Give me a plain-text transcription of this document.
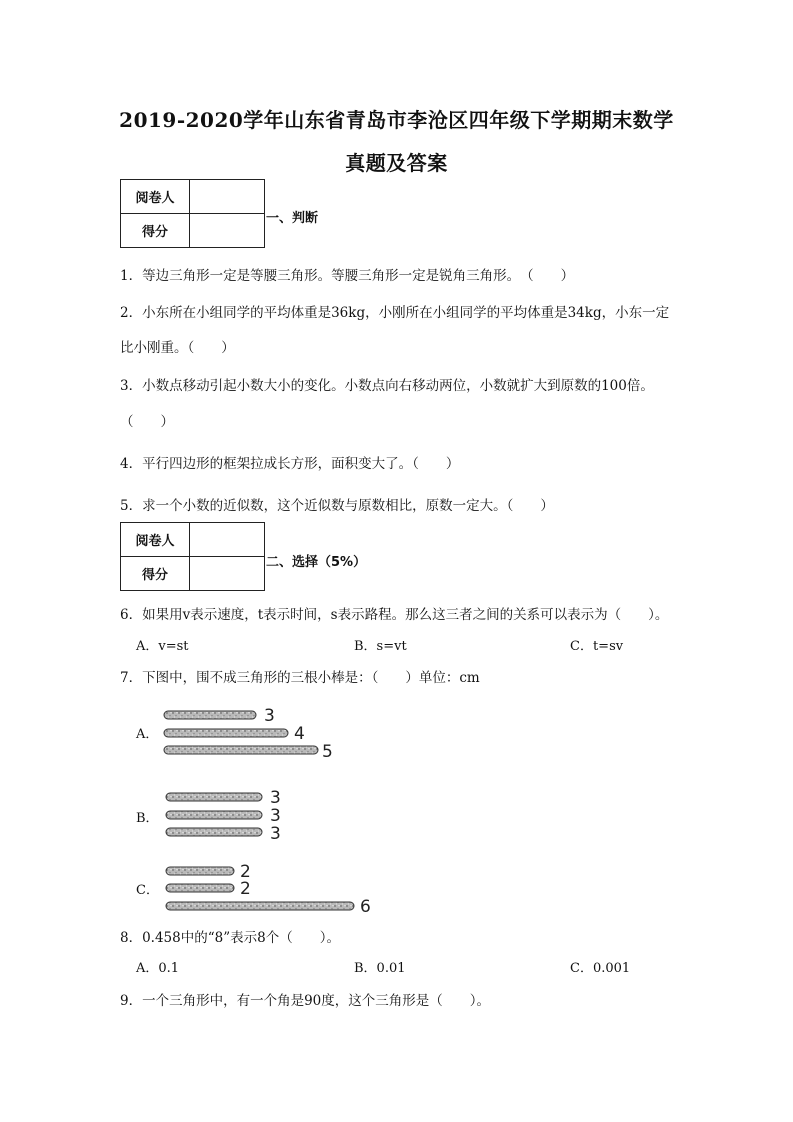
2019-2020学年山东省青岛市李沧区四年级下学期期末数学
真题及答案
阅卷人	
得分	
一、判断
1．等边三角形一定是等腰三角形。等腰三角形一定是锐角三角形。　（　　）
2．小东所在小组同学的平均体重是36kg，小刚所在小组同学的平均体重是34kg，小东一定
比小刚重。（　　）
3．小数点移动引起小数大小的变化。小数点向右移动两位，小数就扩大到原数的100倍。
（　　）
4．平行四边形的框架拉成长方形，面积变大了。（　　）
5．求一个小数的近似数，这个近似数与原数相比，原数一定大。（　　）
阅卷人	
得分	
二、选择（5%）
6．如果用v表示速度，t表示时间，s表示路程。那么这三者之间的关系可以表示为（　　）。
A．v=st	B．s=vt	C．t=sv
7．下图中，围不成三角形的三根小棒是：（　　）单位：cm
A．
3
4
5
B．
3
3
3
C．
2
2
6
8．0.458中的“8”表示8个（　　）。
A．0.1	B．0.01	C．0.001
9．一个三角形中，有一个角是90度，这个三角形是（　　）。
